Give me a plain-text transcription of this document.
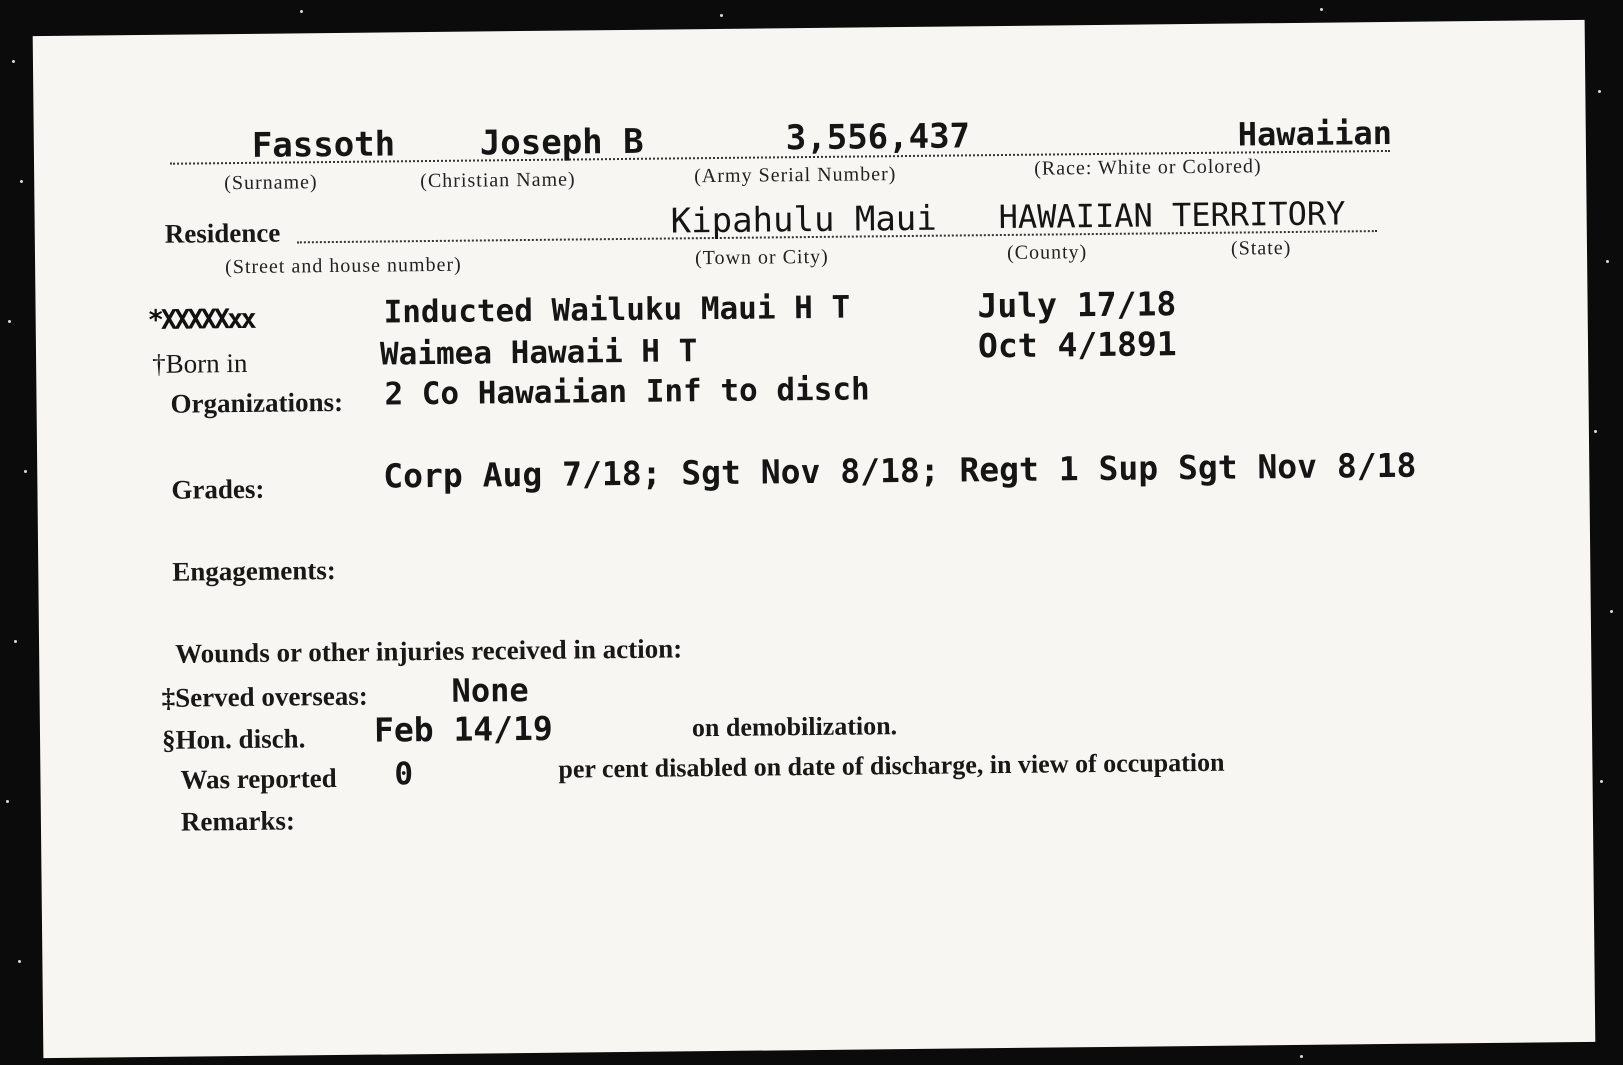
Fassoth Joseph B	3,556,437	Hawaiian
(Surname)	(Christian Name)	(Army Serial Number)	(Race: White or Colored)
Residence	Kipahulu Maui HAWAIIAN TERRITORY
(Street and house number)	(Town or City)	(County)	(State)
*XXXXXxx	Inducted Wailuku Maui H T	July 17/18
†Born in	Waimea Hawaii H T	Oct 4/1891
Organizations: 2 Co Hawaiian Inf to disch
Grades:	Corp Aug 7/18; Sgt Nov 8/18; Regt 1 Sup Sgt Nov 8/18
Engagements:
Wounds or other injuries received in action:
‡Served overseas:	None
§Hon. disch. Feb 14/19	on demobilization.
Was reported 0	per cent disabled on date of discharge, in view of occupation
Remarks:
